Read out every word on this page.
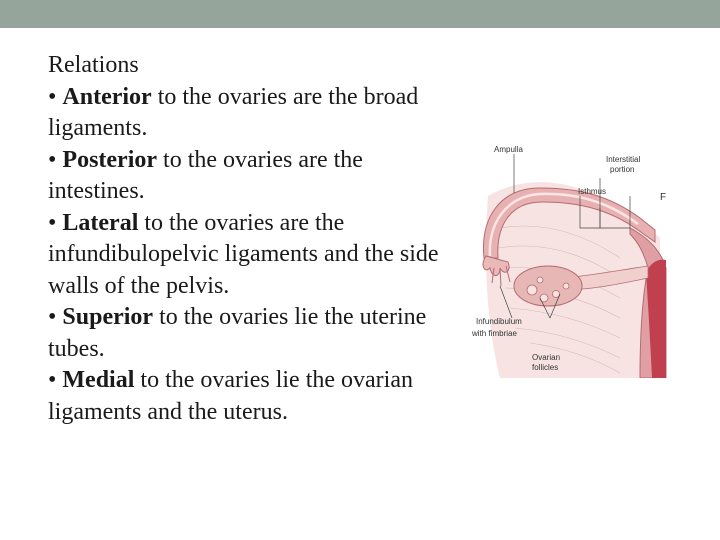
Relations

• Anterior to the ovaries are the broad ligaments.

• Posterior to the ovaries are the intestines.

• Lateral to the ovaries are the infundibulopelvic ligaments and the side walls of the pelvis.

• Superior to the ovaries lie the uterine tubes.

• Medial to the ovaries lie the ovarian ligaments and the uterus.

Ampulla
Interstitial
portion
Isthmus
F
Infundibulum
with fimbriae
Ovarian
follicles
